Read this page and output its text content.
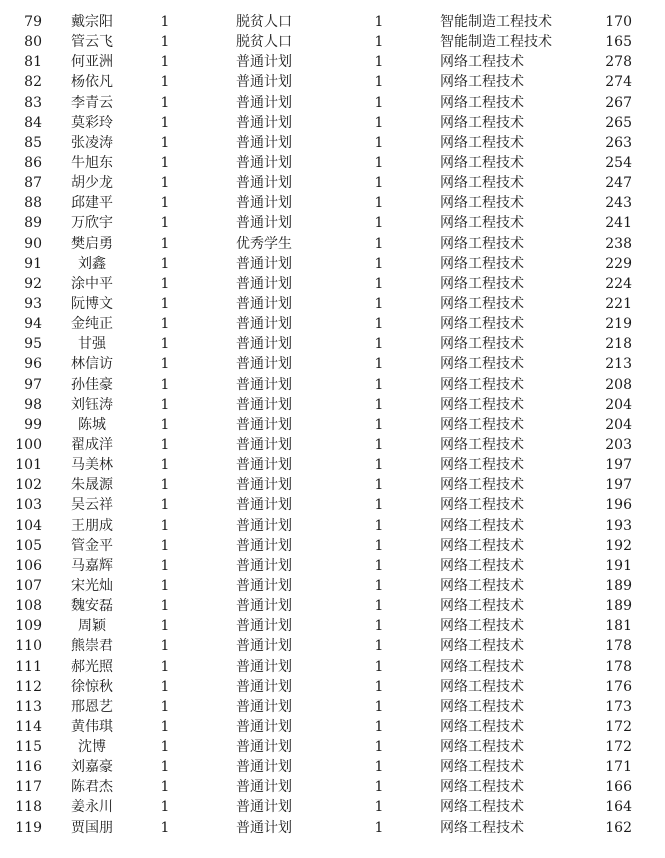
79	戴宗阳	1	脱贫人口	1	智能制造工程技术	170
80	管云飞	1	脱贫人口	1	智能制造工程技术	165
81	何亚洲	1	普通计划	1	网络工程技术	278
82	杨依凡	1	普通计划	1	网络工程技术	274
83	李青云	1	普通计划	1	网络工程技术	267
84	莫彩玲	1	普通计划	1	网络工程技术	265
85	张凌涛	1	普通计划	1	网络工程技术	263
86	牛旭东	1	普通计划	1	网络工程技术	254
87	胡少龙	1	普通计划	1	网络工程技术	247
88	邱建平	1	普通计划	1	网络工程技术	243
89	万欣宇	1	普通计划	1	网络工程技术	241
90	樊启勇	1	优秀学生	1	网络工程技术	238
91	刘鑫	1	普通计划	1	网络工程技术	229
92	涂中平	1	普通计划	1	网络工程技术	224
93	阮博文	1	普通计划	1	网络工程技术	221
94	金纯正	1	普通计划	1	网络工程技术	219
95	甘强	1	普通计划	1	网络工程技术	218
96	林信访	1	普通计划	1	网络工程技术	213
97	孙佳豪	1	普通计划	1	网络工程技术	208
98	刘钰涛	1	普通计划	1	网络工程技术	204
99	陈城	1	普通计划	1	网络工程技术	204
100	翟成洋	1	普通计划	1	网络工程技术	203
101	马美林	1	普通计划	1	网络工程技术	197
102	朱晟源	1	普通计划	1	网络工程技术	197
103	吴云祥	1	普通计划	1	网络工程技术	196
104	王朋成	1	普通计划	1	网络工程技术	193
105	管金平	1	普通计划	1	网络工程技术	192
106	马嘉辉	1	普通计划	1	网络工程技术	191
107	宋光灿	1	普通计划	1	网络工程技术	189
108	魏安磊	1	普通计划	1	网络工程技术	189
109	周颖	1	普通计划	1	网络工程技术	181
110	熊崇君	1	普通计划	1	网络工程技术	178
111	郝光照	1	普通计划	1	网络工程技术	178
112	徐惊秋	1	普通计划	1	网络工程技术	176
113	邢恩艺	1	普通计划	1	网络工程技术	173
114	黄伟琪	1	普通计划	1	网络工程技术	172
115	沈博	1	普通计划	1	网络工程技术	172
116	刘嘉豪	1	普通计划	1	网络工程技术	171
117	陈君杰	1	普通计划	1	网络工程技术	166
118	姜永川	1	普通计划	1	网络工程技术	164
119	贾国朋	1	普通计划	1	网络工程技术	162
